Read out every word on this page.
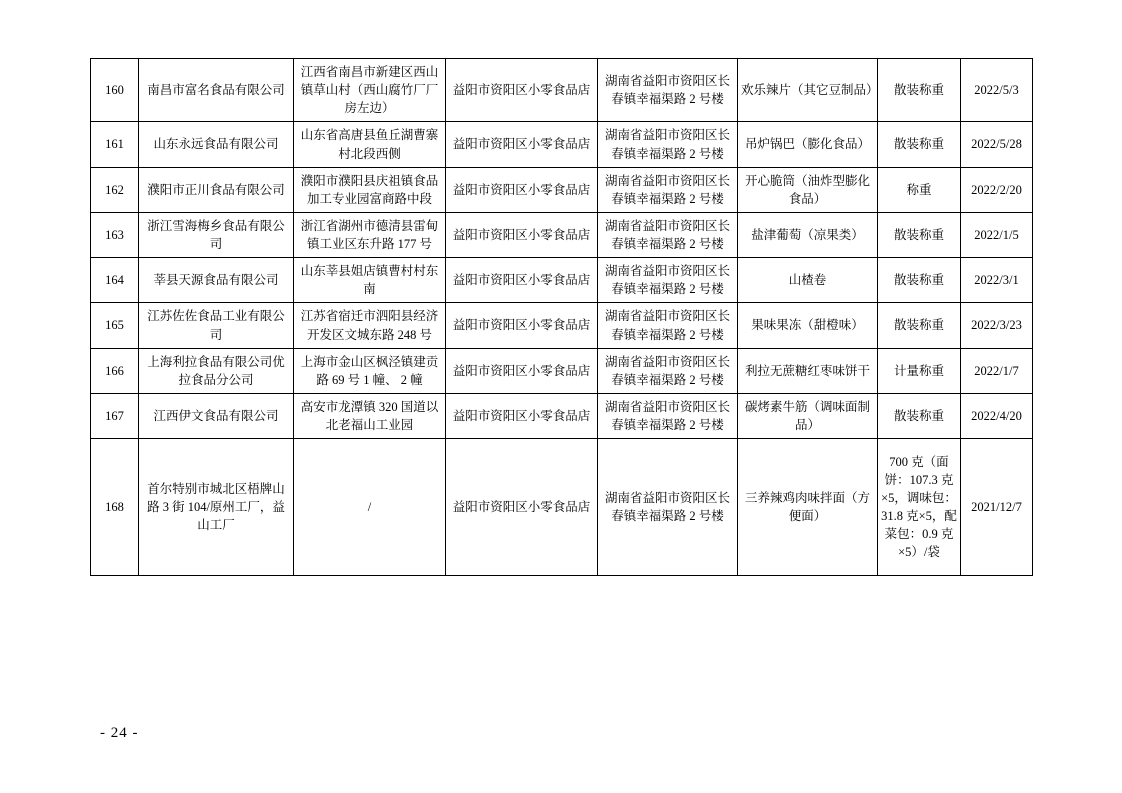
160	南昌市富名食品有限公司	江西省南昌市新建区西山镇草山村（西山腐竹厂厂房左边）	益阳市资阳区小零食品店	湖南省益阳市资阳区长春镇幸福渠路 2 号楼	欢乐辣片（其它豆制品）	散装称重	2022/5/3
161	山东永远食品有限公司	山东省高唐县鱼丘湖曹寨村北段西侧	益阳市资阳区小零食品店	湖南省益阳市资阳区长春镇幸福渠路 2 号楼	吊炉锅巴（膨化食品）	散装称重	2022/5/28
162	濮阳市正川食品有限公司	濮阳市濮阳县庆祖镇食品加工专业园富商路中段	益阳市资阳区小零食品店	湖南省益阳市资阳区长春镇幸福渠路 2 号楼	开心脆筒（油炸型膨化食品）	称重	2022/2/20
163	浙江雪海梅乡食品有限公司	浙江省湖州市德清县雷甸镇工业区东升路 177 号	益阳市资阳区小零食品店	湖南省益阳市资阳区长春镇幸福渠路 2 号楼	盐津葡萄（凉果类）	散装称重	2022/1/5
164	莘县天源食品有限公司	山东莘县姐店镇曹村村东南	益阳市资阳区小零食品店	湖南省益阳市资阳区长春镇幸福渠路 2 号楼	山楂卷	散装称重	2022/3/1
165	江苏佐佐食品工业有限公司	江苏省宿迁市泗阳县经济开发区文城东路 248 号	益阳市资阳区小零食品店	湖南省益阳市资阳区长春镇幸福渠路 2 号楼	果味果冻（甜橙味）	散装称重	2022/3/23
166	上海利拉食品有限公司优拉食品分公司	上海市金山区枫泾镇建贡路 69 号 1 幢、 2 幢	益阳市资阳区小零食品店	湖南省益阳市资阳区长春镇幸福渠路 2 号楼	利拉无蔗糖红枣味饼干	计量称重	2022/1/7
167	江西伊文食品有限公司	高安市龙潭镇 320 国道以北老福山工业园	益阳市资阳区小零食品店	湖南省益阳市资阳区长春镇幸福渠路 2 号楼	碳烤素牛筋（调味面制品）	散装称重	2022/4/20
168	首尔特别市城北区梧牌山路 3 街 104/原州工厂，益山工厂	/	益阳市资阳区小零食品店	湖南省益阳市资阳区长春镇幸福渠路 2 号楼	三养辣鸡肉味拌面（方便面）	700 克（面饼：107.3 克×5，调味包：31.8 克×5，配菜包：0.9 克×5）/袋	2021/12/7
- 24 -
